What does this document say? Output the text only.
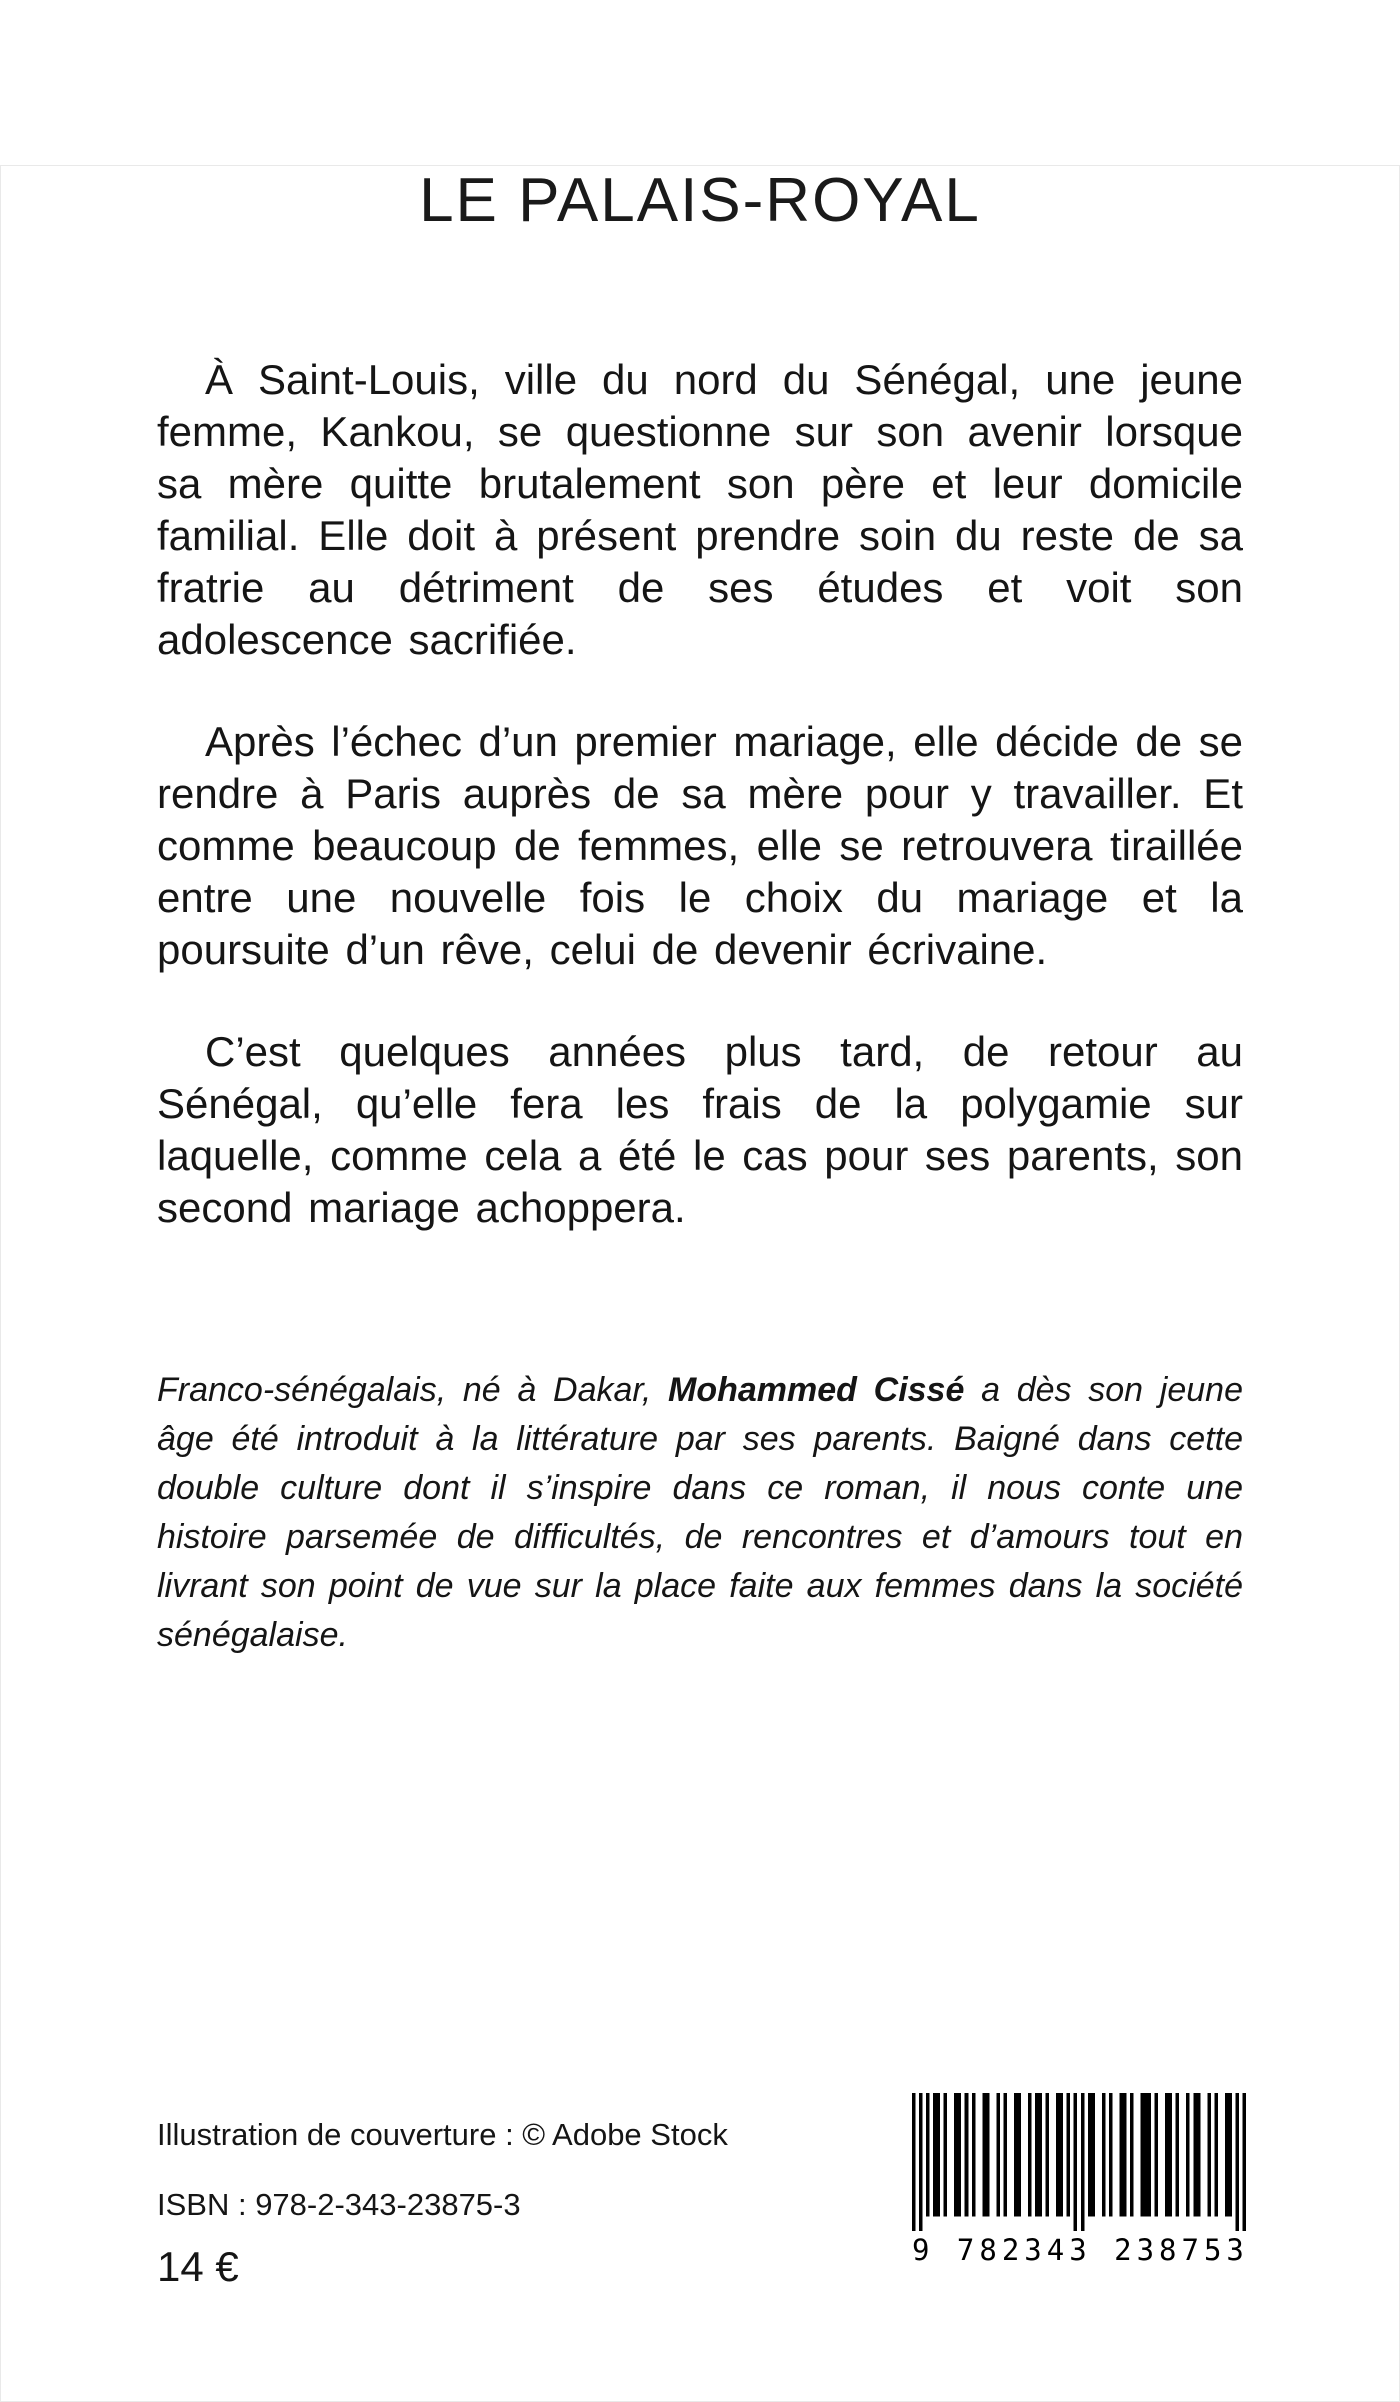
LE PALAIS-ROYAL

À Saint-Louis, ville du nord du Sénégal, une jeune femme, Kankou, se questionne sur son avenir lorsque sa mère quitte brutalement son père et leur domicile familial. Elle doit à présent prendre soin du reste de sa fratrie au détriment de ses études et voit son adolescence sacrifiée.

Après l’échec d’un premier mariage, elle décide de se rendre à Paris auprès de sa mère pour y travailler. Et comme beaucoup de femmes, elle se retrouvera tiraillée entre une nouvelle fois le choix du mariage et la poursuite d’un rêve, celui de devenir écrivaine.

C’est quelques années plus tard, de retour au Sénégal, qu’elle fera les frais de la polygamie sur laquelle, comme cela a été le cas pour ses parents, son second mariage achoppera.

Franco-sénégalais, né à Dakar, Mohammed Cissé a dès son jeune âge été introduit à la littérature par ses parents. Baigné dans cette double culture dont il s’inspire dans ce roman, il nous conte une histoire parsemée de difficultés, de rencontres et d’amours tout en livrant son point de vue sur la place faite aux femmes dans la société sénégalaise.

Illustration de couverture : © Adobe Stock
ISBN : 978-2-343-23875-3
14 €	9 782343 238753
